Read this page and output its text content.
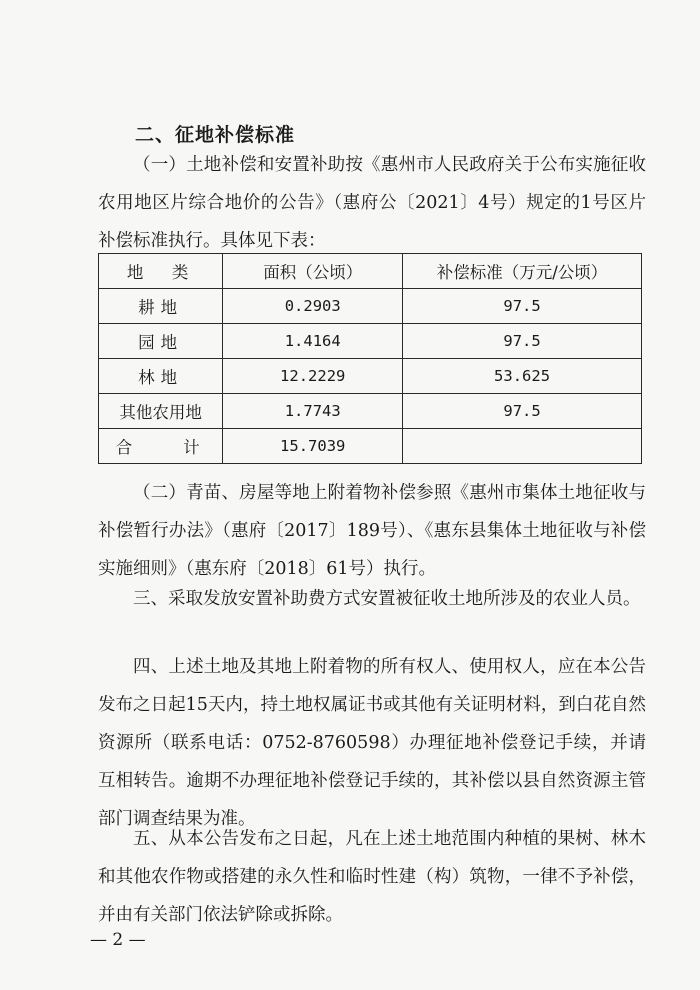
二、征地补偿标准

（一）土地补偿和安置补助按《惠州市人民政府关于公布实施征收农用地区片综合地价的公告》（惠府公〔2021〕4号）规定的1号区片补偿标准执行。具体见下表：

地　类	面积（公顷）	补偿标准（万元/公顷）
耕地	0.2903	97.5
园地	1.4164	97.5
林地	12.2229	53.625
其他农用地	1.7743	97.5
合　　计	15.7039	

（二）青苗、房屋等地上附着物补偿参照《惠州市集体土地征收与补偿暂行办法》（惠府〔2017〕189号）、《惠东县集体土地征收与补偿实施细则》（惠东府〔2018〕61号）执行。

三、采取发放安置补助费方式安置被征收土地所涉及的农业人员。

四、上述土地及其地上附着物的所有权人、使用权人，应在本公告发布之日起15天内，持土地权属证书或其他有关证明材料，到白花自然资源所（联系电话：0752-8760598）办理征地补偿登记手续，并请互相转告。逾期不办理征地补偿登记手续的，其补偿以县自然资源主管部门调查结果为准。

五、从本公告发布之日起，凡在上述土地范围内种植的果树、林木和其他农作物或搭建的永久性和临时性建（构）筑物，一律不予补偿，并由有关部门依法铲除或拆除。

— 2 —
